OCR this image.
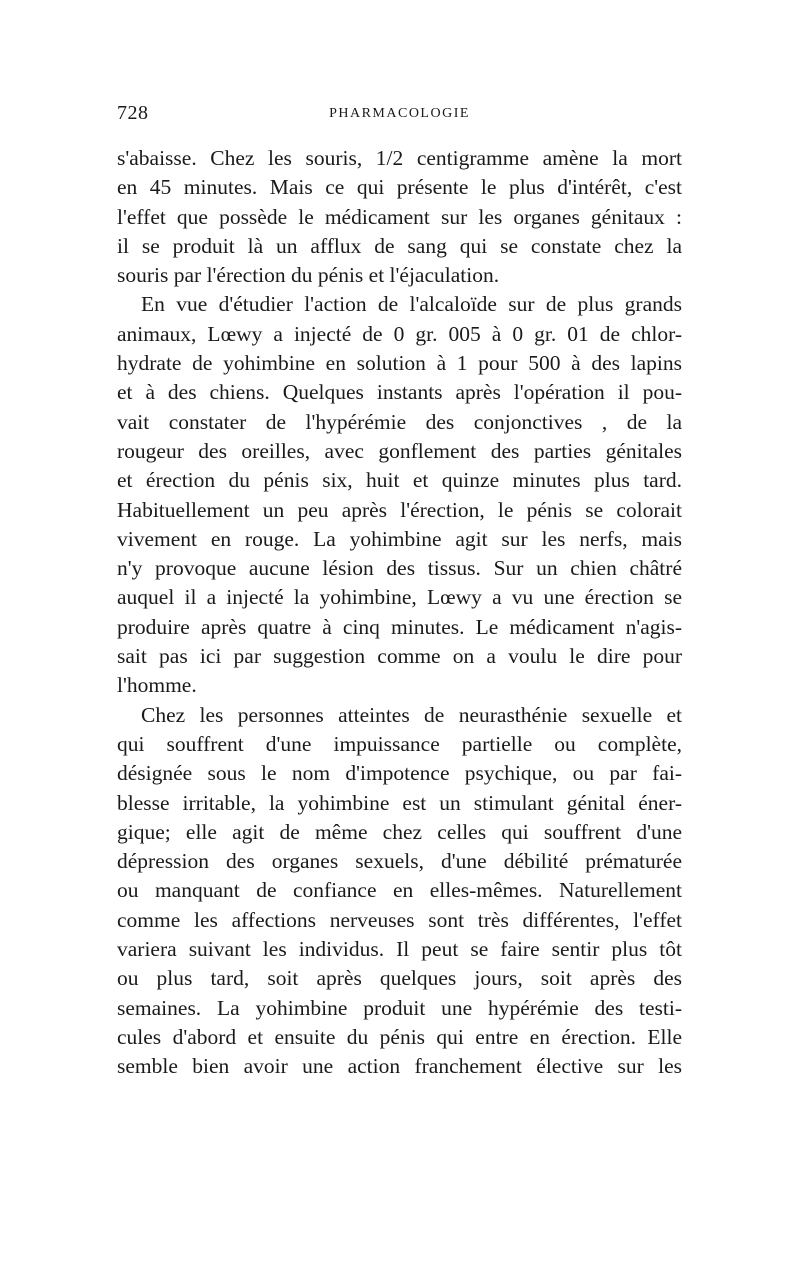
728	PHARMACOLOGIE
s'abaisse. Chez les souris, 1/2 centigramme amène la mort
en 45 minutes. Mais ce qui présente le plus d'intérêt, c'est
l'effet que possède le médicament sur les organes génitaux :
il se produit là un afflux de sang qui se constate chez la
souris par l'érection du pénis et l'éjaculation.
En vue d'étudier l'action de l'alcaloïde sur de plus grands
animaux, Lœwy a injecté de 0 gr. 005 à 0 gr. 01 de chlor-
hydrate de yohimbine en solution à 1 pour 500 à des lapins
et à des chiens. Quelques instants après l'opération il pou-
vait constater de l'hypérémie des conjonctives , de la
rougeur des oreilles, avec gonflement des parties génitales
et érection du pénis six, huit et quinze minutes plus tard.
Habituellement un peu après l'érection, le pénis se colorait
vivement en rouge. La yohimbine agit sur les nerfs, mais
n'y provoque aucune lésion des tissus. Sur un chien châtré
auquel il a injecté la yohimbine, Lœwy a vu une érection se
produire après quatre à cinq minutes. Le médicament n'agis-
sait pas ici par suggestion comme on a voulu le dire pour
l'homme.
Chez les personnes atteintes de neurasthénie sexuelle et
qui souffrent d'une impuissance partielle ou complète,
désignée sous le nom d'impotence psychique, ou par fai-
blesse irritable, la yohimbine est un stimulant génital éner-
gique; elle agit de même chez celles qui souffrent d'une
dépression des organes sexuels, d'une débilité prématurée
ou manquant de confiance en elles-mêmes. Naturellement
comme les affections nerveuses sont très différentes, l'effet
variera suivant les individus. Il peut se faire sentir plus tôt
ou plus tard, soit après quelques jours, soit après des
semaines. La yohimbine produit une hypérémie des testi-
cules d'abord et ensuite du pénis qui entre en érection. Elle
semble bien avoir une action franchement élective sur les
